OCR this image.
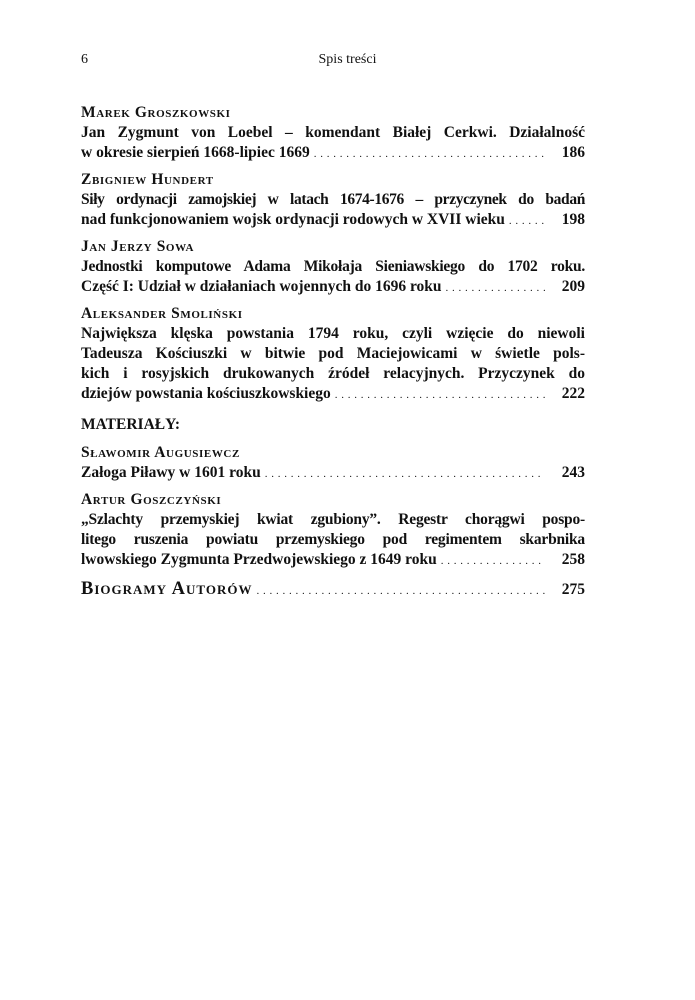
6	Spis treści
Marek Groszkowski
Jan Zygmunt von Loebel – komendant Białej Cerkwi. Działalność
w okresie sierpień 1668-lipiec 1669 . . .	186
Zbigniew Hundert
Siły ordynacji zamojskiej w latach 1674-1676 – przyczynek do badań
nad funkcjonowaniem wojsk ordynacji rodowych w XVII wieku . . .	198
Jan Jerzy Sowa
Jednostki komputowe Adama Mikołaja Sieniawskiego do 1702 roku.
Część I: Udział w działaniach wojennych do 1696 roku . . .	209
Aleksander Smoliński
Największa klęska powstania 1794 roku, czyli wzięcie do niewoli
Tadeusza Kościuszki w bitwie pod Maciejowicami w świetle pols-
kich i rosyjskich drukowanych źródeł relacyjnych. Przyczynek do
dziejów powstania kościuszkowskiego . . .	222
MATERIAŁY:
Sławomir Augusiewcz
Załoga Piławy w 1601 roku . . .	243
Artur Goszczyński
„Szlachty przemyskiej kwiat zgubiony”. Regestr chorągwi pospo-
litego ruszenia powiatu przemyskiego pod regimentem skarbnika
lwowskiego Zygmunta Przedwojewskiego z 1649 roku . . .	258
Biogramy Autorów . . .	275
